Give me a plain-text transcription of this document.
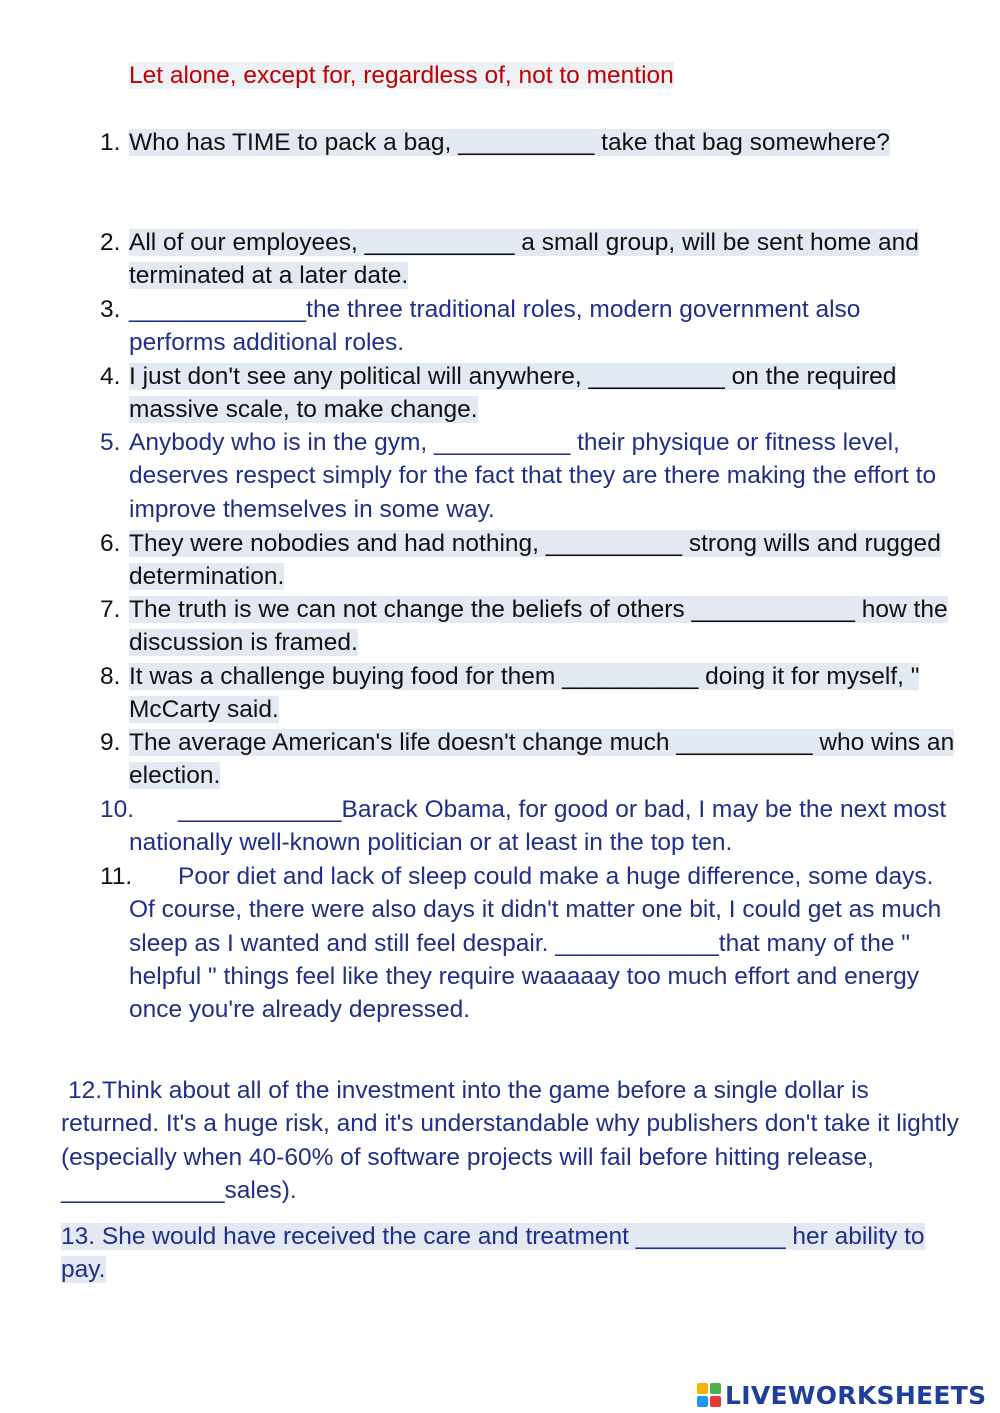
Let alone, except for, regardless of, not to mention
1. Who has TIME to pack a bag, __________ take that bag somewhere?
2. All of our employees, ___________ a small group, will be sent home and terminated at a later date.
3. _____________the three traditional roles, modern government also performs additional roles.
4. I just don't see any political will anywhere, __________ on the required massive scale, to make change.
5. Anybody who is in the gym, __________ their physique or fitness level, deserves respect simply for the fact that they are there making the effort to improve themselves in some way.
6. They were nobodies and had nothing, __________ strong wills and rugged determination.
7. The truth is we can not change the beliefs of others ____________ how the discussion is framed.
8. It was a challenge buying food for them __________ doing it for myself, " McCarty said.
9. The average American's life doesn't change much __________ who wins an election.
10.	____________Barack Obama, for good or bad, I may be the next most nationally well-known politician or at least in the top ten.
11.	Poor diet and lack of sleep could make a huge difference, some days. Of course, there were also days it didn't matter one bit, I could get as much sleep as I wanted and still feel despair. ____________that many of the " helpful " things feel like they require waaaaay too much effort and energy once you're already depressed.
12.Think about all of the investment into the game before a single dollar is returned. It's a huge risk, and it's understandable why publishers don't take it lightly (especially when 40-60% of software projects will fail before hitting release, ____________sales).
13. She would have received the care and treatment ___________ her ability to pay.
LIVEWORKSHEETS
